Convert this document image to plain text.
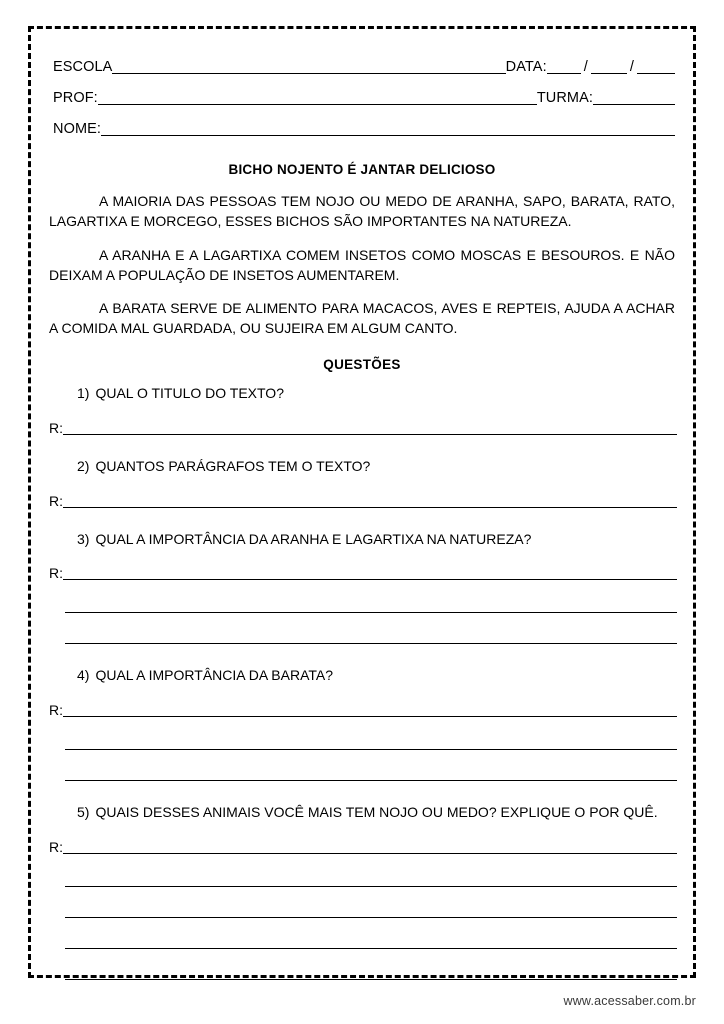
ESCOLA	DATA:	/	/
PROF:	TURMA:
NOME:
BICHO NOJENTO É JANTAR DELICIOSO
A MAIORIA DAS PESSOAS TEM NOJO OU MEDO DE ARANHA, SAPO, BARATA, RATO, LAGARTIXA E MORCEGO, ESSES BICHOS SÃO IMPORTANTES NA NATUREZA.
A ARANHA E A LAGARTIXA COMEM INSETOS COMO MOSCAS E BESOUROS. E NÃO DEIXAM A POPULAÇÃO DE INSETOS AUMENTAREM.
A BARATA SERVE DE ALIMENTO PARA MACACOS, AVES E REPTEIS, AJUDA A ACHAR A COMIDA MAL GUARDADA, OU SUJEIRA EM ALGUM CANTO.
QUESTÕES
1) QUAL O TITULO DO TEXTO?
R:
2) QUANTOS PARÁGRAFOS TEM O TEXTO?
R:
3) QUAL A IMPORTÂNCIA DA ARANHA E LAGARTIXA NA NATUREZA?
R:
4) QUAL A IMPORTÂNCIA DA BARATA?
R:
5) QUAIS DESSES ANIMAIS VOCÊ MAIS TEM NOJO OU MEDO? EXPLIQUE O POR QUÊ.
R:
www.acessaber.com.br
